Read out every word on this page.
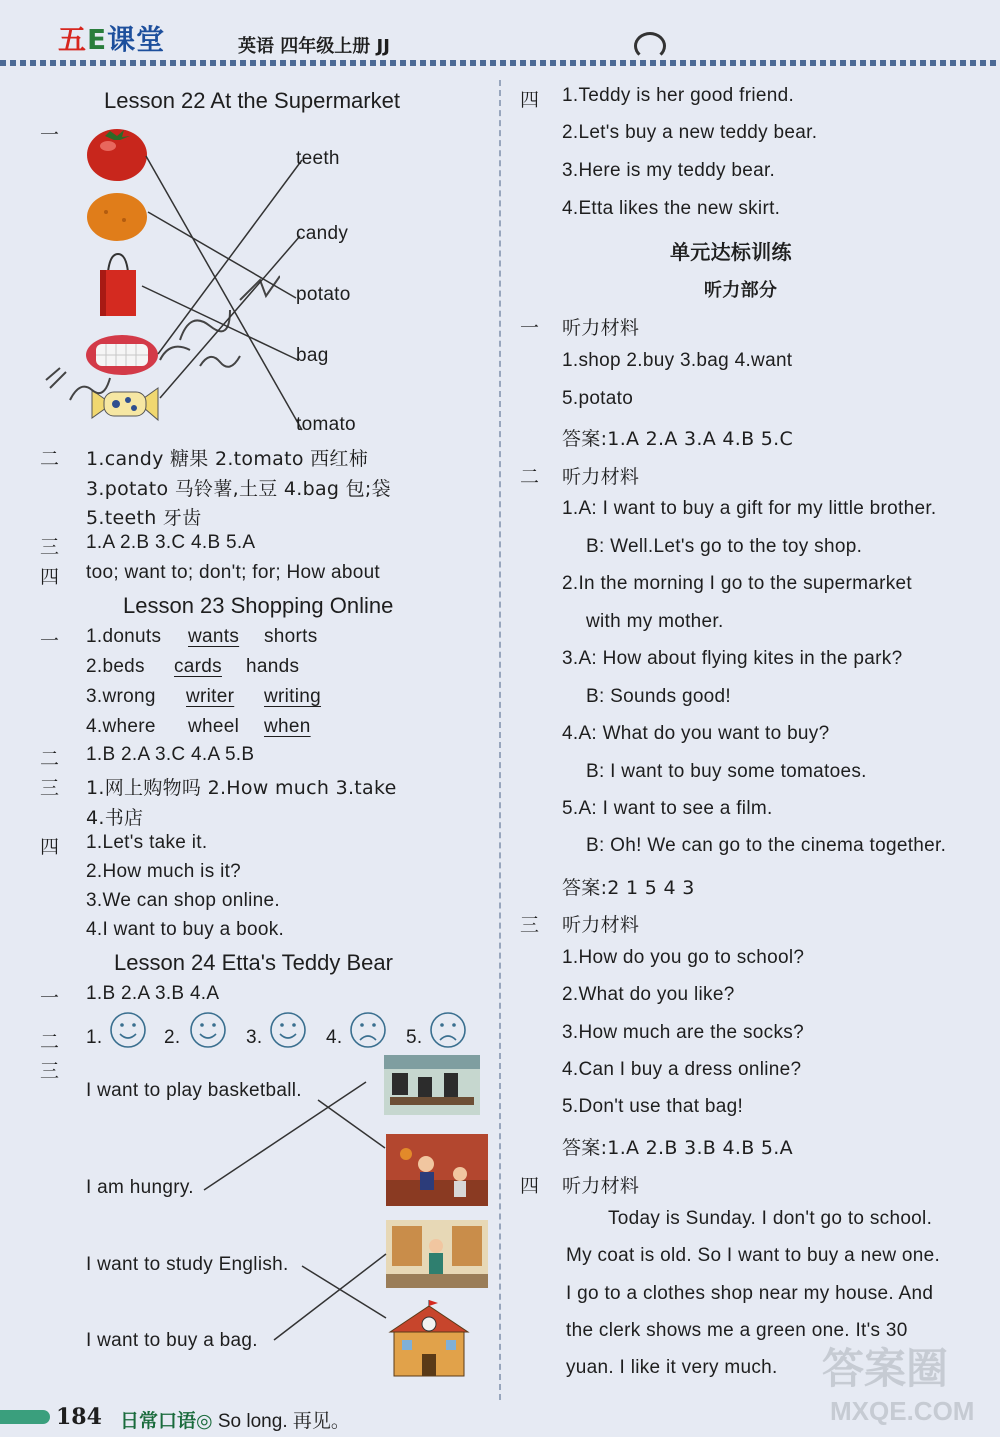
五E课堂	英语 四年级上册 JJ
Lesson 22 At the Supermarket
一
teeth
candy
potato
bag
tomato
二 1.candy 糖果 2.tomato 西红柿
3.potato 马铃薯,土豆 4.bag 包;袋
5.teeth 牙齿
三 1.A 2.B 3.C 4.B 5.A
四 too; want to; don't; for; How about
Lesson 23 Shopping Online
一 1.donuts wants shorts
2.beds cards hands
3.wrong writer writing
4.where wheel when
二 1.B 2.A 3.C 4.A 5.B
三 1.网上购物吗 2.How much 3.take
4.书店
四 1.Let's take it.
2.How much is it?
3.We can shop online.
4.I want to buy a book.
Lesson 24 Etta's Teddy Bear
一 1.B 2.A 3.B 4.A
二 1.	2.	3.	4.	5.
三
I want to play basketball.
I am hungry.
I want to study English.
I want to buy a bag.
四 1.Teddy is her good friend.
2.Let's buy a new teddy bear.
3.Here is my teddy bear.
4.Etta likes the new skirt.
单元达标训练
听力部分
一 听力材料
1.shop 2.buy 3.bag 4.want
5.potato
答案:1.A 2.A 3.A 4.B 5.C
二 听力材料
1.A: I want to buy a gift for my little brother.
B: Well.Let's go to the toy shop.
2.In the morning I go to the supermarket
with my mother.
3.A: How about flying kites in the park?
B: Sounds good!
4.A: What do you want to buy?
B: I want to buy some tomatoes.
5.A: I want to see a film.
B: Oh! We can go to the cinema together.
答案:2 1 5 4 3
三 听力材料
1.How do you go to school?
2.What do you like?
3.How much are the socks?
4.Can I buy a dress online?
5.Don't use that bag!
答案:1.A 2.B 3.B 4.B 5.A
四 听力材料
Today is Sunday. I don't go to school.
My coat is old. So I want to buy a new one.
I go to a clothes shop near my house. And
the clerk shows me a green one. It's 30
yuan. I like it very much.
184 日常口语◎ So long. 再见。
答案圈
MXQE.COM
